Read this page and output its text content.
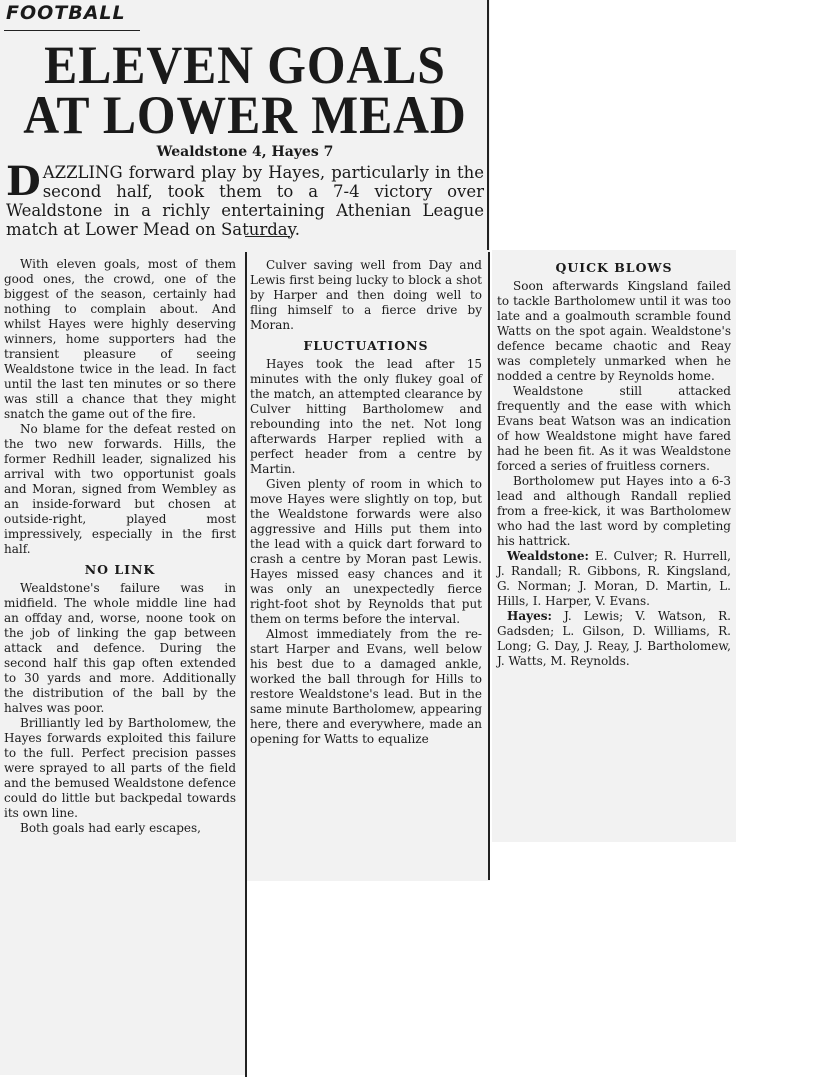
FOOTBALL
ELEVEN GOALS AT LOWER MEAD
Wealdstone 4, Hayes 7

DAZZLING forward play by Hayes, particularly in the second half, took them to a 7-4 victory over Wealdstone in a richly entertaining Athenian League match at Lower Mead on Saturday.

With eleven goals, most of them good ones, the crowd, one of the biggest of the season, certainly had nothing to complain about. And whilst Hayes were highly deserving winners, home supporters had the transient pleasure of seeing Wealdstone twice in the lead. In fact until the last ten minutes or so there was still a chance that they might snatch the game out of the fire.

No blame for the defeat rested on the two new forwards. Hills, the former Redhill leader, signalized his arrival with two opportunist goals and Moran, signed from Wembley as an inside-forward but chosen at outside-right, played most impressively, especially in the first half.

NO LINK

Wealdstone's failure was in midfield. The whole middle line had an offday and, worse, noone took on the job of linking the gap between attack and defence. During the second half this gap often extended to 30 yards and more. Additionally the distribution of the ball by the halves was poor.

Brilliantly led by Bartholomew, the Hayes forwards exploited this failure to the full. Perfect precision passes were sprayed to all parts of the field and the bemused Wealdstone defence could do little but backpedal towards its own line.

Both goals had early escapes,

Culver saving well from Day and Lewis first being lucky to block a shot by Harper and then doing well to fling himself to a fierce drive by Moran.

FLUCTUATIONS

Hayes took the lead after 15 minutes with the only flukey goal of the match, an attempted clearance by Culver hitting Bartholomew and rebounding into the net. Not long afterwards Harper replied with a perfect header from a centre by Martin.

Given plenty of room in which to move Hayes were slightly on top, but the Wealdstone forwards were also aggressive and Hills put them into the lead with a quick dart forward to crash a centre by Moran past Lewis. Hayes missed easy chances and it was only an unexpectedly fierce right-foot shot by Reynolds that put them on terms before the interval.

Almost immediately from the re-start Harper and Evans, well below his best due to a damaged ankle, worked the ball through for Hills to restore Wealdstone's lead. But in the same minute Bartholomew, appearing here, there and everywhere, made an opening for Watts to equalize

QUICK BLOWS

Soon afterwards Kingsland failed to tackle Bartholomew until it was too late and a goalmouth scramble found Watts on the spot again. Wealdstone's defence became chaotic and Reay was completely unmarked when he nodded a centre by Reynolds home.

Wealdstone still attacked frequently and the ease with which Evans beat Watson was an indication of how Wealdstone might have fared had he been fit. As it was Wealdstone forced a series of fruitless corners.

Bortholomew put Hayes into a 6-3 lead and although Randall replied from a free-kick, it was Bartholomew who had the last word by completing his hattrick.

Wealdstone: E. Culver; R. Hurrell, J. Randall; R. Gibbons, R. Kingsland, G. Norman; J. Moran, D. Martin, L. Hills, I. Harper, V. Evans.

Hayes: J. Lewis; V. Watson, R. Gadsden; L. Gilson, D. Williams, R. Long; G. Day, J. Reay, J. Bartholomew, J. Watts, M. Reynolds.
